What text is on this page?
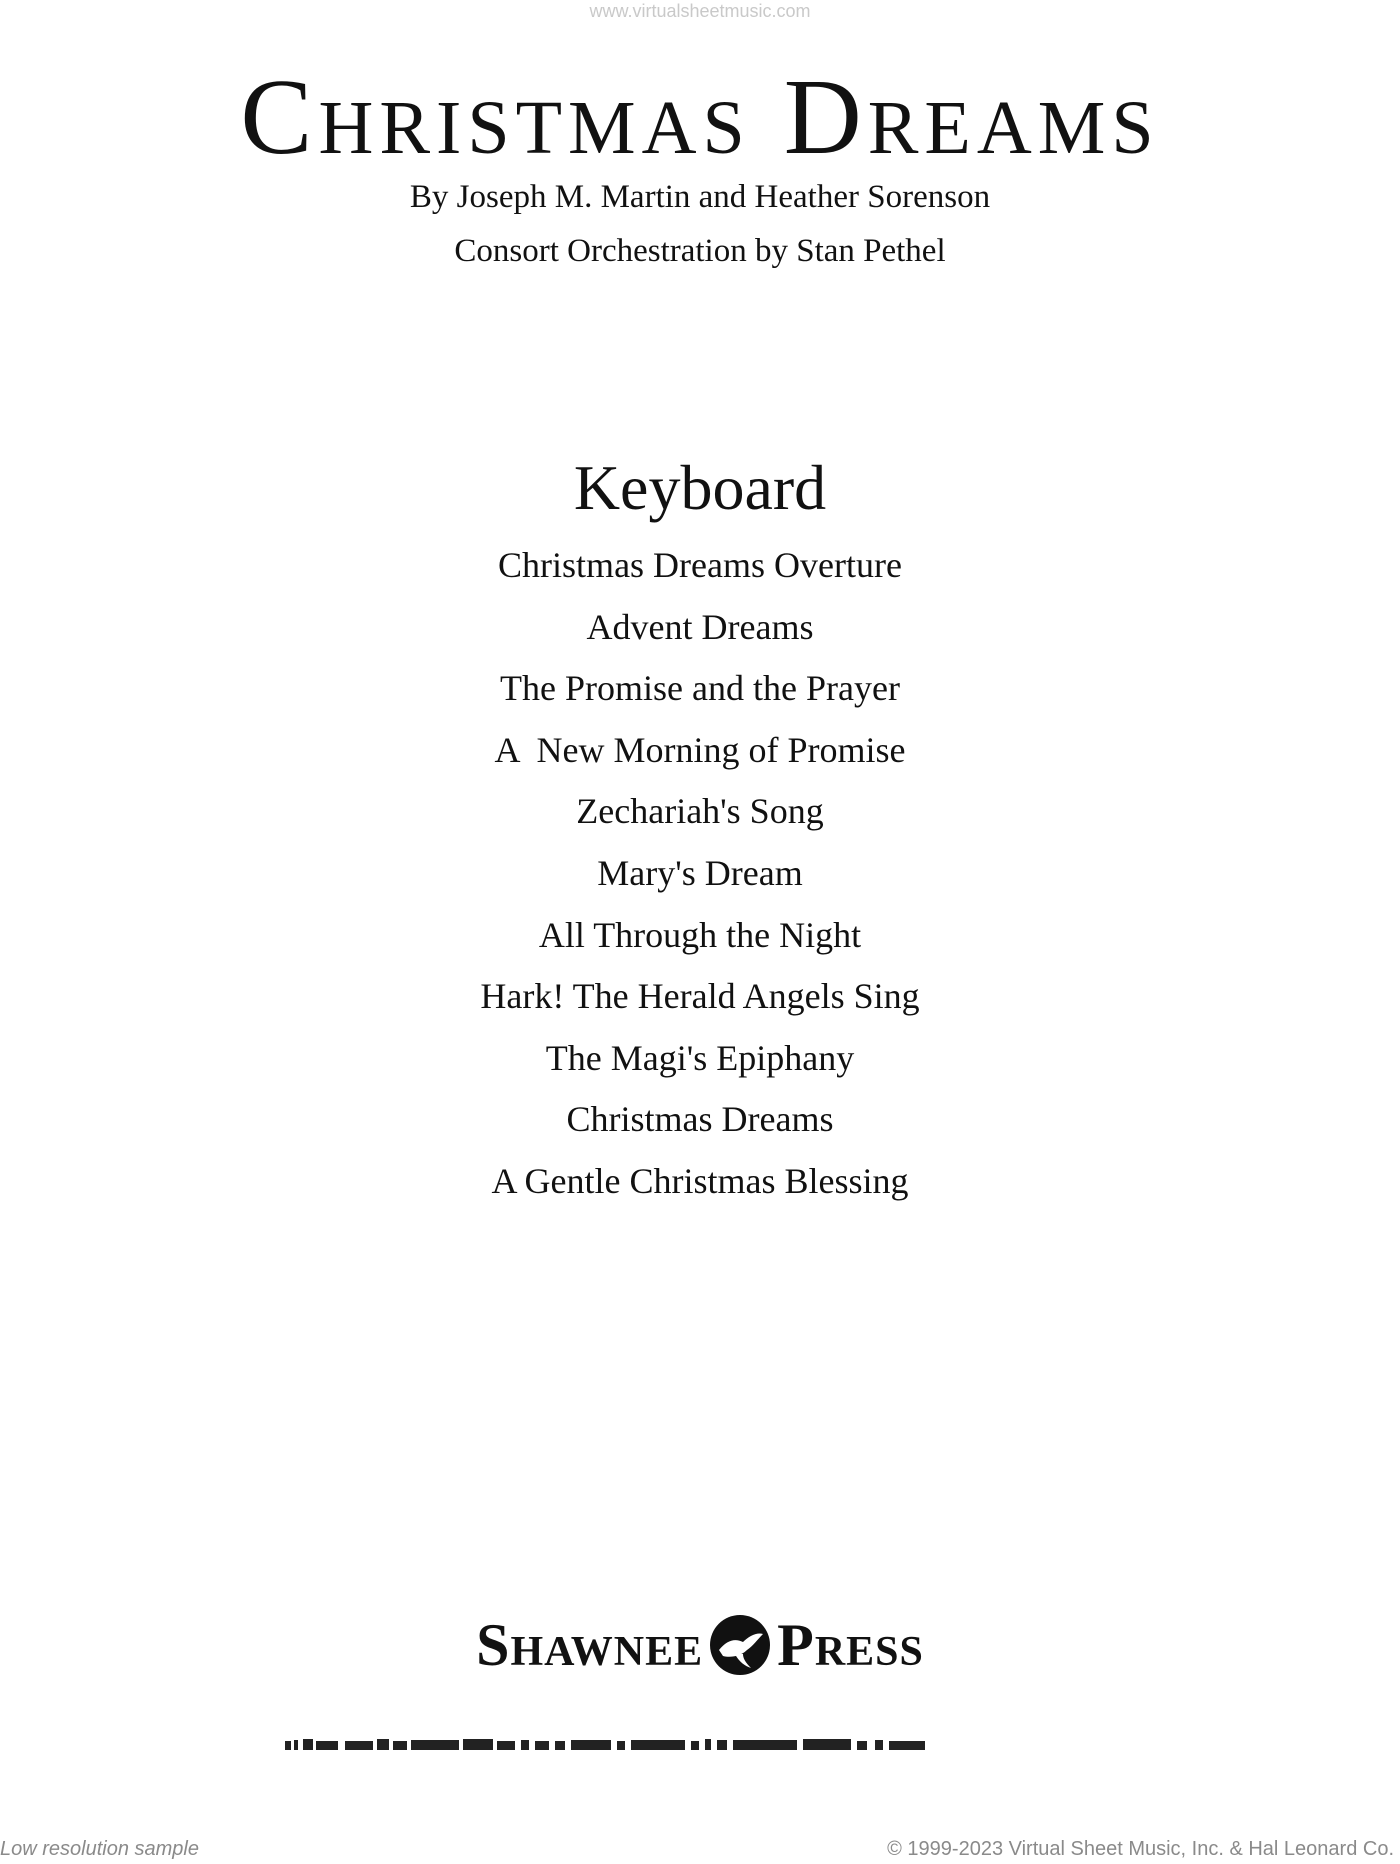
www.virtualsheetmusic.com
Christmas Dreams
By Joseph M. Martin and Heather Sorenson
Consort Orchestration by Stan Pethel
Keyboard
Christmas Dreams Overture
Advent Dreams
The Promise and the Prayer
A  New Morning of Promise
Zechariah's Song
Mary's Dream
All Through the Night
Hark! The Herald Angels Sing
The Magi's Epiphany
Christmas Dreams
A Gentle Christmas Blessing
Shawnee Press
Low resolution sample	© 1999-2023 Virtual Sheet Music, Inc. & Hal Leonard Co.
